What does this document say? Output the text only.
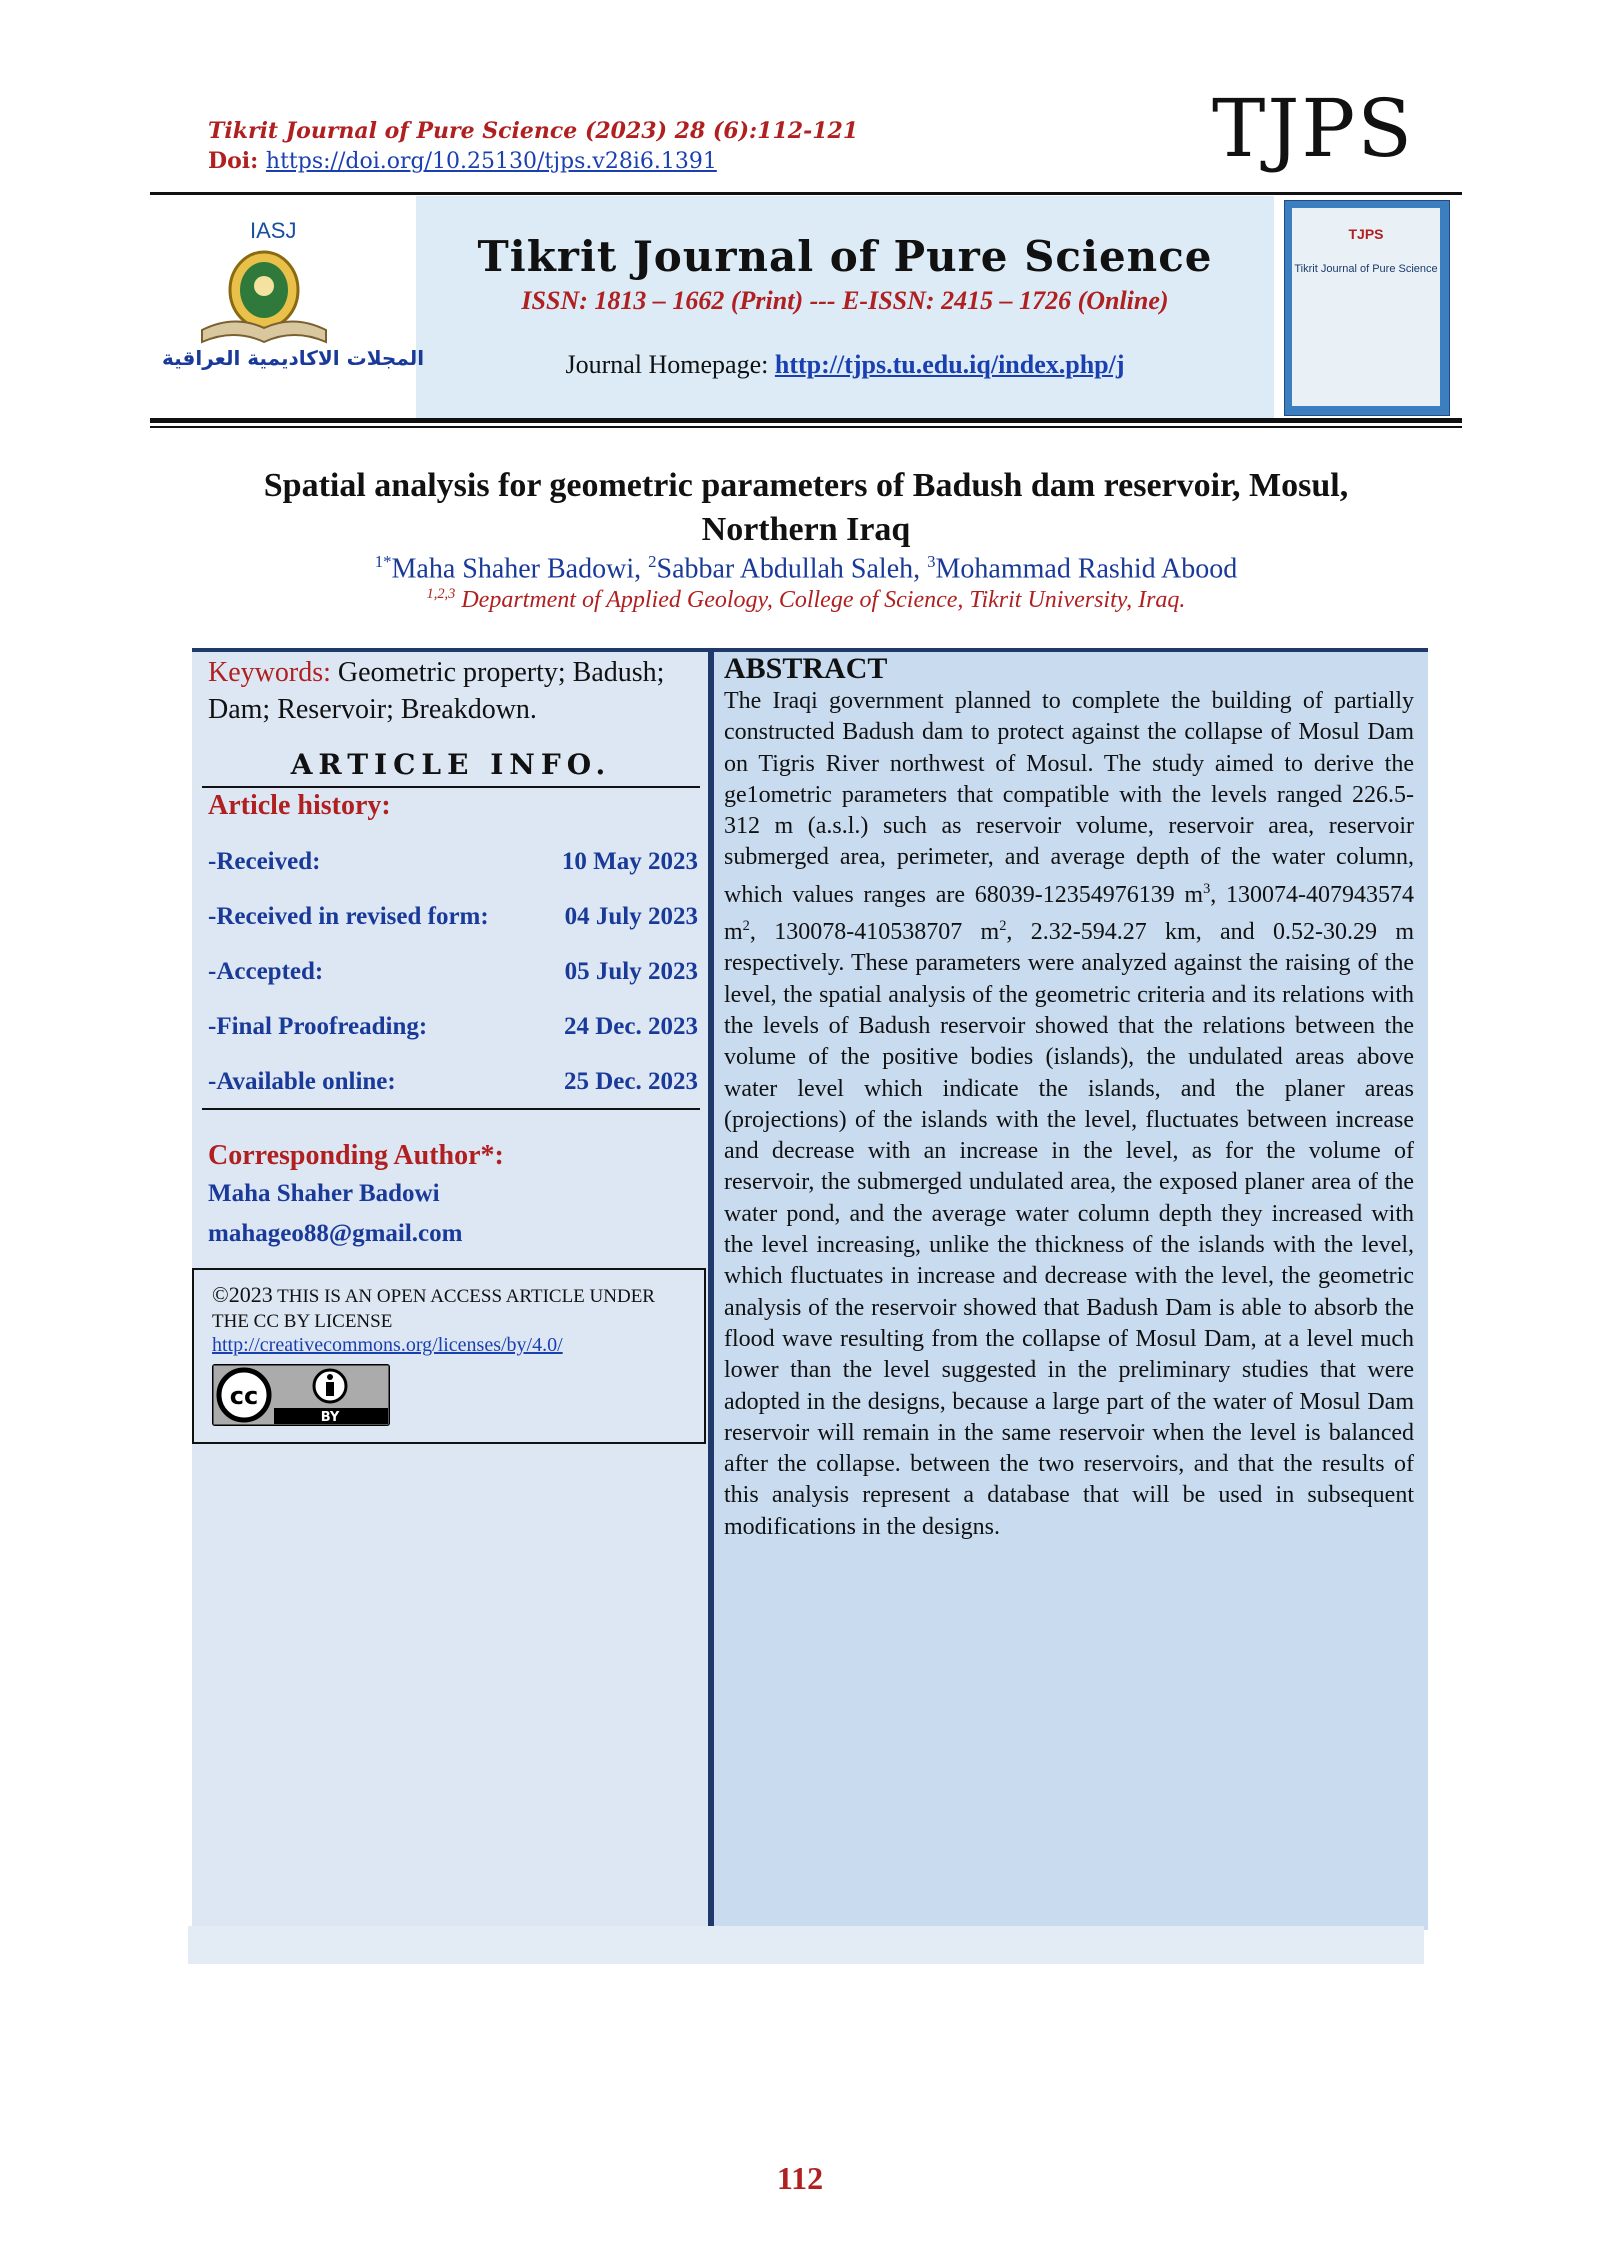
Tikrit Journal of Pure Science (2023) 28 (6):112-121
Doi: https://doi.org/10.25130/tjps.v28i6.1391	TJPS
IASJ
المجلات الاكاديمية العراقية
Tikrit Journal of Pure Science
ISSN: 1813 – 1662 (Print) --- E-ISSN: 2415 – 1726 (Online)
Journal Homepage: http://tjps.tu.edu.iq/index.php/j
TJPS
Tikrit Journal of Pure Science
Spatial analysis for geometric parameters of Badush dam reservoir, Mosul,
Northern Iraq
$^{1*}$Maha Shaher Badowi, $^2$Sabbar Abdullah Saleh, $^3$Mohammad Rashid Abood
$^{1,2,3}$ Department of Applied Geology, College of Science, Tikrit University, Iraq.
Keywords: Geometric property; Badush; Dam; Reservoir; Breakdown.
ARTICLE INFO.
Article history:
-Received:	10 May 2023
-Received in revised form:	04 July 2023
-Accepted:	05 July 2023
-Final Proofreading:	24 Dec. 2023
-Available online:	25 Dec. 2023
Corresponding Author*:
Maha Shaher Badowi
mahageo88@gmail.com
©2023 THIS IS AN OPEN ACCESS ARTICLE UNDER THE CC BY LICENSE
http://creativecommons.org/licenses/by/4.0/
cc
BY
ABSTRACT
The Iraqi government planned to complete the building of partially constructed Badush dam to protect against the collapse of Mosul Dam on Tigris River northwest of Mosul. The study aimed to derive the ge1ometric parameters that compatible with the levels ranged 226.5-312 m (a.s.l.) such as reservoir volume, reservoir area, reservoir submerged area, perimeter, and average depth of the water column, which values ranges are 68039-12354976139 $m^3$, 130074-407943574 $m^2$, 130078-410538707 $m^2$, 2.32-594.27 km, and 0.52-30.29 m respectively. These parameters were analyzed against the raising of the level, the spatial analysis of the geometric criteria and its relations with the levels of Badush reservoir showed that the relations between the volume of the positive bodies (islands), the undulated areas above water level which indicate the islands, and the planer areas (projections) of the islands with the level, fluctuates between increase and decrease with an increase in the level, as for the volume of reservoir, the submerged undulated area, the exposed planer area of the water pond, and the average water column depth they increased with the level increasing, unlike the thickness of the islands with the level, which fluctuates in increase and decrease with the level, the geometric analysis of the reservoir showed that Badush Dam is able to absorb the flood wave resulting from the collapse of Mosul Dam, at a level much lower than the level suggested in the preliminary studies that were adopted in the designs, because a large part of the water of Mosul Dam reservoir will remain in the same reservoir when the level is balanced after the collapse. between the two reservoirs, and that the results of this analysis represent a database that will be used in subsequent modifications in the designs.
112
